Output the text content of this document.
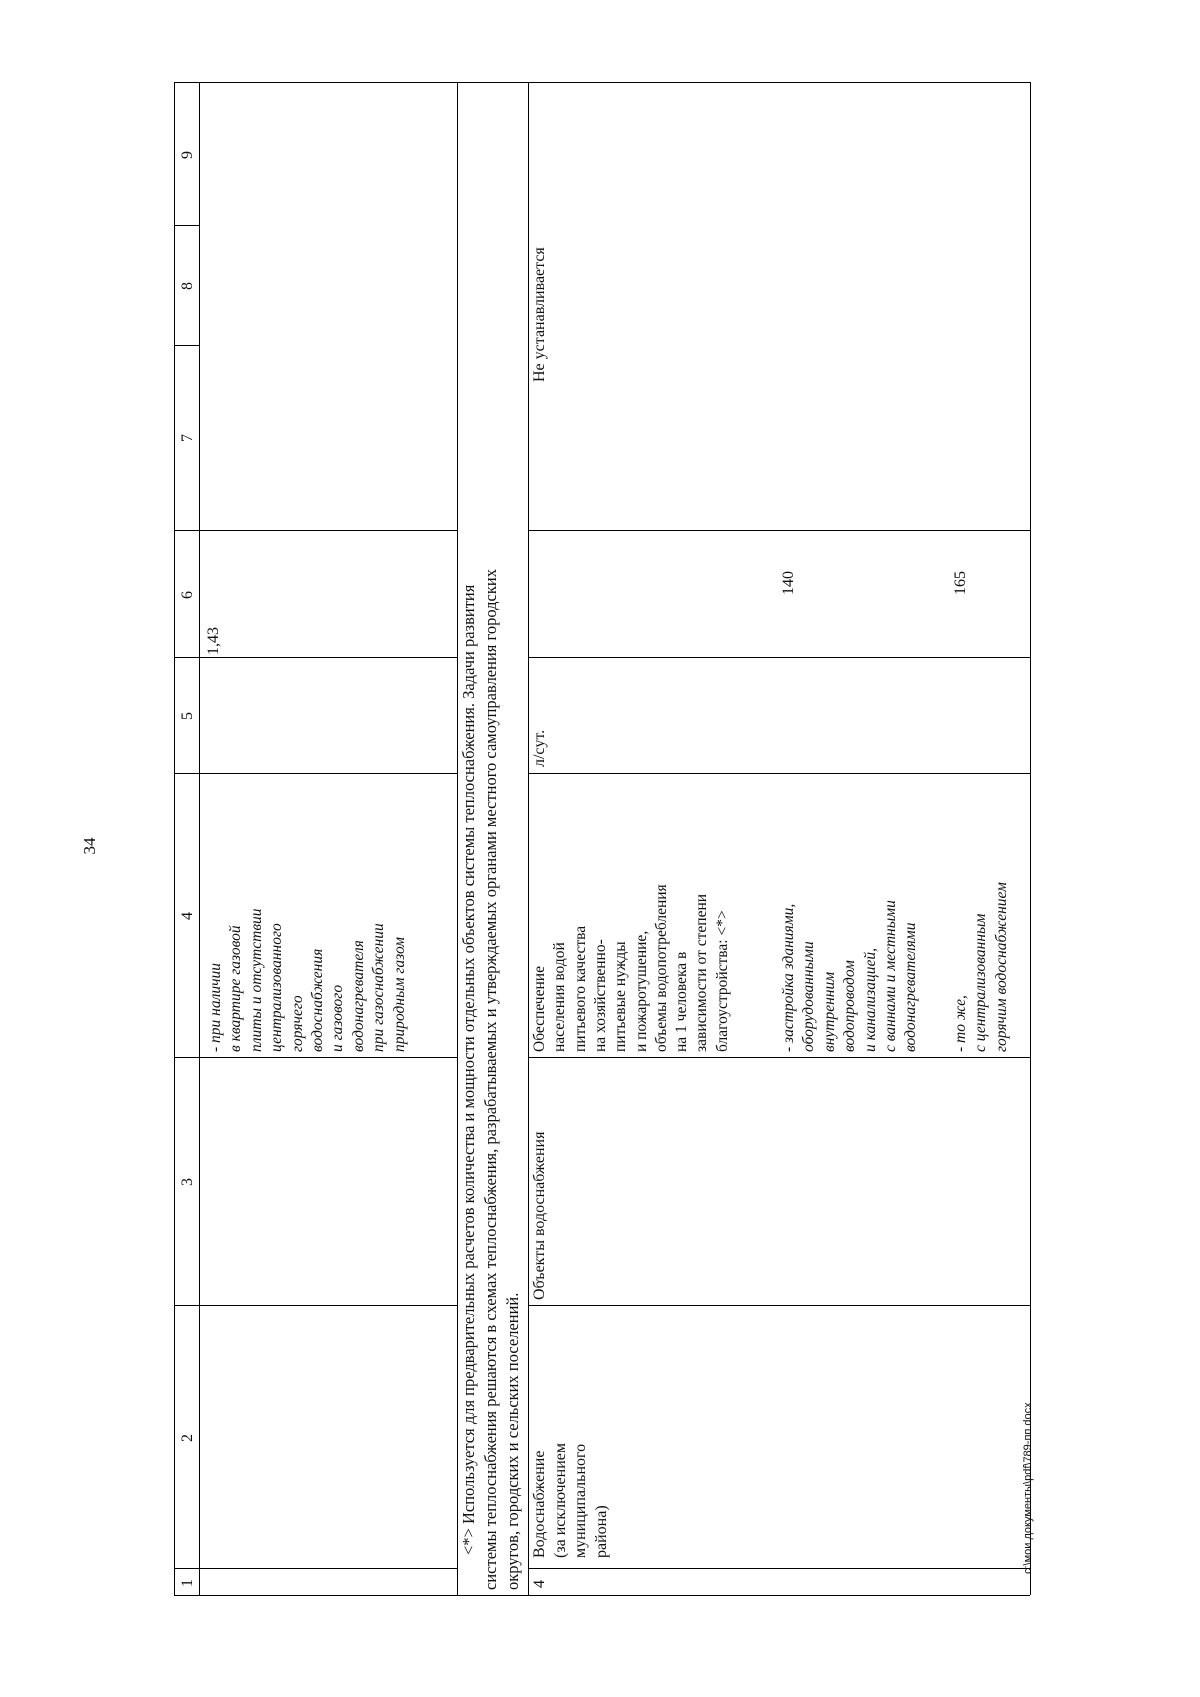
34
1
2
3
4
5
6
7
8
9
- при наличии в квартире газовой плиты и отсутствии централизованного горячего водоснабжения и газового водонагревателя при газоснабжении природным газом
1,43	<*> Используется для предварительных расчетов количества и мощности отдельных объектов системы теплоснабжения. Задачи развития системы теплоснабжения решаются в схемах теплоснабжения, разрабатываемых и утверждаемых органами местного самоуправления городских округов, городских и сельских поселений. 4
Водоснабжение (за исключением муниципального района)
Объекты водоснабжения
Обеспечение населения водой питьевого качества на хозяйственно- питьевые нужды и пожаротушение, объемы водопотребления на 1 человека в зависимости от степени благоустройства: <*>
л/сут.
Не устанавливается
- застройка зданиями, оборудованными внутренним водопроводом и канализацией, с ваннами и местными водонагревателями
140
- то же, с централизованным горячим водоснабжением
165
c:\мои документы\pdf\789-пп.docx
